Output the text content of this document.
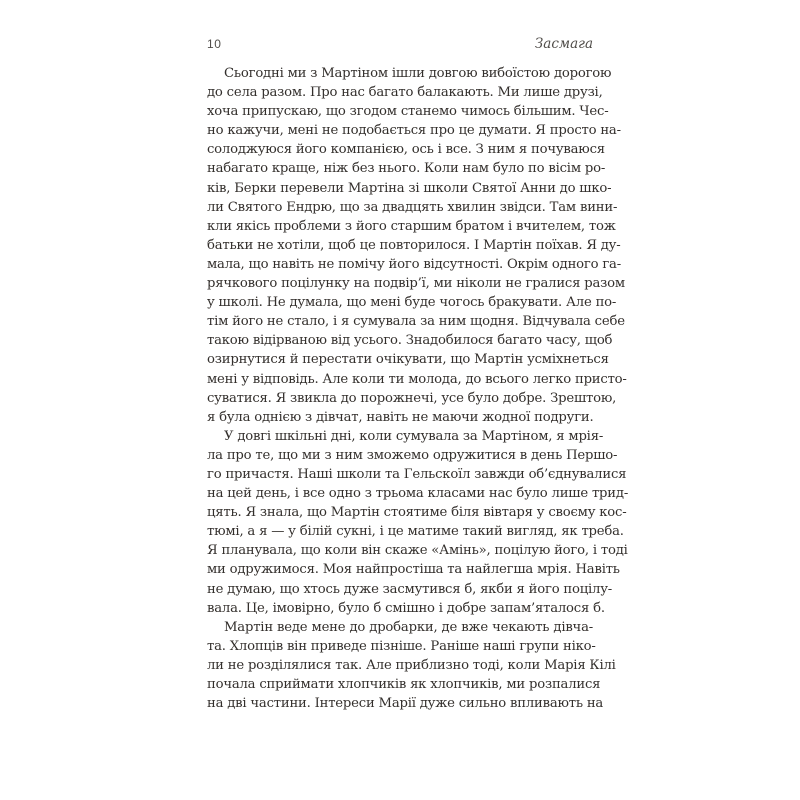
10	Засмага

Сьогодні ми з Мартіном ішли довгою вибоїстою дорогою
до села разом. Про нас багато балакають. Ми лише друзі,
хоча припускаю, що згодом станемо чимось більшим. Чес-
но кажучи, мені не подобається про це думати. Я просто на-
солоджуюся його компанією, ось і все. З ним я почуваюся
набагато краще, ніж без нього. Коли нам було по вісім ро-
ків, Берки перевели Мартіна зі школи Святої Анни до шко-
ли Святого Ендрю, що за двадцять хвилин звідси. Там вини-
кли якісь проблеми з його старшим братом і вчителем, тож
батьки не хотіли, щоб це повторилося. І Мартін поїхав. Я ду-
мала, що навіть не помічу його відсутності. Окрім одного га-
рячкового поцілунку на подвір’ї, ми ніколи не гралися разом
у школі. Не думала, що мені буде чогось бракувати. Але по-
тім його не стало, і я сумувала за ним щодня. Відчувала себе
такою відірваною від усього. Знадобилося багато часу, щоб
озирнутися й перестати очікувати, що Мартін усміхнеться
мені у відповідь. Але коли ти молода, до всього легко присто-
суватися. Я звикла до порожнечі, усе було добре. Зрештою,
я була однією з дівчат, навіть не маючи жодної подруги.

У довгі шкільні дні, коли сумувала за Мартіном, я мрія-
ла про те, що ми з ним зможемо одружитися в день Першо-
го причастя. Наші школи та Гельскоїл завжди об’єднувалися
на цей день, і все одно з трьома класами нас було лише трид-
цять. Я знала, що Мартін стоятиме біля вівтаря у своєму кос-
тюмі, а я — у білій сукні, і це матиме такий вигляд, як треба.
Я планувала, що коли він скаже «Амінь», поцілую його, і тоді
ми одружимося. Моя найпростіша та найлегша мрія. Навіть
не думаю, що хтось дуже засмутився б, якби я його поцілу-
вала. Це, імовірно, було б смішно і добре запам’яталося б.

Мартін веде мене до дробарки, де вже чекають дівча-
та. Хлопців він приведе пізніше. Раніше наші групи ніко-
ли не розділялися так. Але приблизно тоді, коли Марія Кілі
почала сприймати хлопчиків як хлопчиків, ми розпалися
на дві частини. Інтереси Марії дуже сильно впливають на
